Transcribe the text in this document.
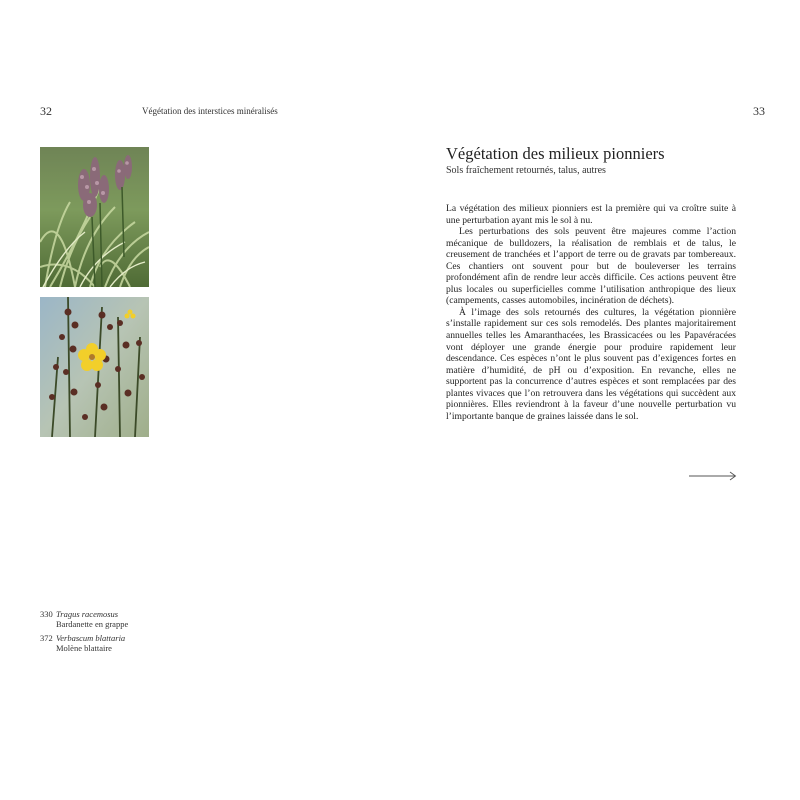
32	Végétation des interstices minéralisés	33
330 Tragus racemosus
Bardanette en grappe
372 Verbascum blattaria
Molène blattaire
Végétation des milieux pionniers
Sols fraîchement retournés, talus, autres

La végétation des milieux pionniers est la première qui va croître suite à une perturbation ayant mis le sol à nu.

Les perturbations des sols peuvent être majeures comme l’action mécanique de bulldozers, la réalisation de remblais et de talus, le creusement de tranchées et l’apport de terre ou de gravats par tombereaux. Ces chantiers ont souvent pour but de bouleverser les terrains profondément afin de rendre leur accès difficile. Ces actions peuvent être plus locales ou superficielles comme l’utilisation anthropique des lieux (campements, casses automobiles, incinération de déchets).

À l’image des sols retournés des cultures, la végétation pionnière s’installe rapidement sur ces sols remodelés. Des plantes majoritairement annuelles telles les Amaranthacées, les Brassicacées ou les Papavéracées vont déployer une grande énergie pour produire rapidement leur descendance. Ces espèces n’ont le plus souvent pas d’exigences fortes en matière d’humidité, de pH ou d’exposition. En revanche, elles ne supportent pas la concurrence d’autres espèces et sont remplacées par des plantes vivaces que l’on retrouvera dans les végétations qui succèdent aux pionnières. Elles reviendront à la faveur d’une nouvelle perturbation vu l’importante banque de graines laissée dans le sol.
